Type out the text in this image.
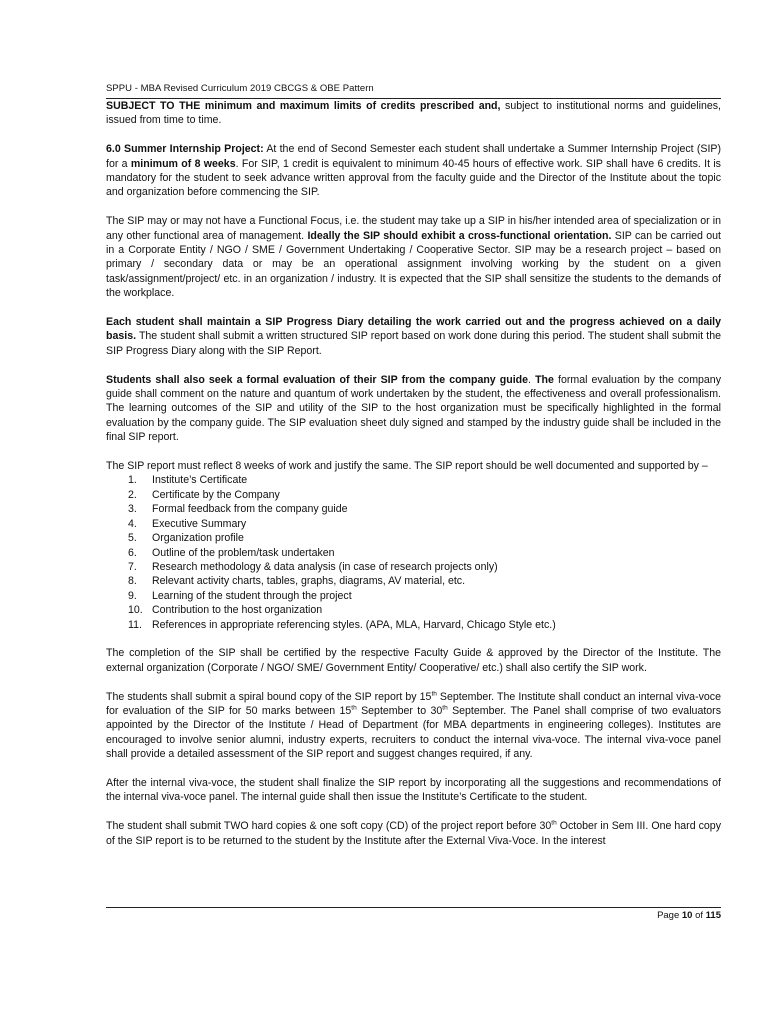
SPPU - MBA Revised Curriculum 2019 CBCGS & OBE Pattern

SUBJECT TO THE minimum and maximum limits of credits prescribed and, subject to institutional norms and guidelines, issued from time to time.

6.0 Summer Internship Project: At the end of Second Semester each student shall undertake a Summer Internship Project (SIP) for a minimum of 8 weeks. For SIP, 1 credit is equivalent to minimum 40-45 hours of effective work. SIP shall have 6 credits. It is mandatory for the student to seek advance written approval from the faculty guide and the Director of the Institute about the topic and organization before commencing the SIP.

The SIP may or may not have a Functional Focus, i.e. the student may take up a SIP in his/her intended area of specialization or in any other functional area of management. Ideally the SIP should exhibit a cross-functional orientation. SIP can be carried out in a Corporate Entity / NGO / SME / Government Undertaking / Cooperative Sector. SIP may be a research project – based on primary / secondary data or may be an operational assignment involving working by the student on a given task/assignment/project/ etc. in an organization / industry. It is expected that the SIP shall sensitize the students to the demands of the workplace.

Each student shall maintain a SIP Progress Diary detailing the work carried out and the progress achieved on a daily basis. The student shall submit a written structured SIP report based on work done during this period. The student shall submit the SIP Progress Diary along with the SIP Report.

Students shall also seek a formal evaluation of their SIP from the company guide. The formal evaluation by the company guide shall comment on the nature and quantum of work undertaken by the student, the effectiveness and overall professionalism. The learning outcomes of the SIP and utility of the SIP to the host organization must be specifically highlighted in the formal evaluation by the company guide. The SIP evaluation sheet duly signed and stamped by the industry guide shall be included in the final SIP report.

The SIP report must reflect 8 weeks of work and justify the same. The SIP report should be well documented and supported by –

1.	Institute’s Certificate
2.	Certificate by the Company
3.	Formal feedback from the company guide
4.	Executive Summary
5.	Organization profile
6.	Outline of the problem/task undertaken
7.	Research methodology & data analysis (in case of research projects only)
8.	Relevant activity charts, tables, graphs, diagrams, AV material, etc.
9.	Learning of the student through the project
10. Contribution to the host organization
11. References in appropriate referencing styles. (APA, MLA, Harvard, Chicago Style etc.)

The completion of the SIP shall be certified by the respective Faculty Guide & approved by the Director of the Institute. The external organization (Corporate / NGO/ SME/ Government Entity/ Cooperative/ etc.) shall also certify the SIP work.

The students shall submit a spiral bound copy of the SIP report by 15th September. The Institute shall conduct an internal viva-voce for evaluation of the SIP for 50 marks between 15th September to 30th September. The Panel shall comprise of two evaluators appointed by the Director of the Institute / Head of Department (for MBA departments in engineering colleges). Institutes are encouraged to involve senior alumni, industry experts, recruiters to conduct the internal viva-voce. The internal viva-voce panel shall provide a detailed assessment of the SIP report and suggest changes required, if any.

After the internal viva-voce, the student shall finalize the SIP report by incorporating all the suggestions and recommendations of the internal viva-voce panel. The internal guide shall then issue the Institute’s Certificate to the student.

The student shall submit TWO hard copies & one soft copy (CD) of the project report before 30th October in Sem III. One hard copy of the SIP report is to be returned to the student by the Institute after the External Viva-Voce. In the interest

Page 10 of 115
